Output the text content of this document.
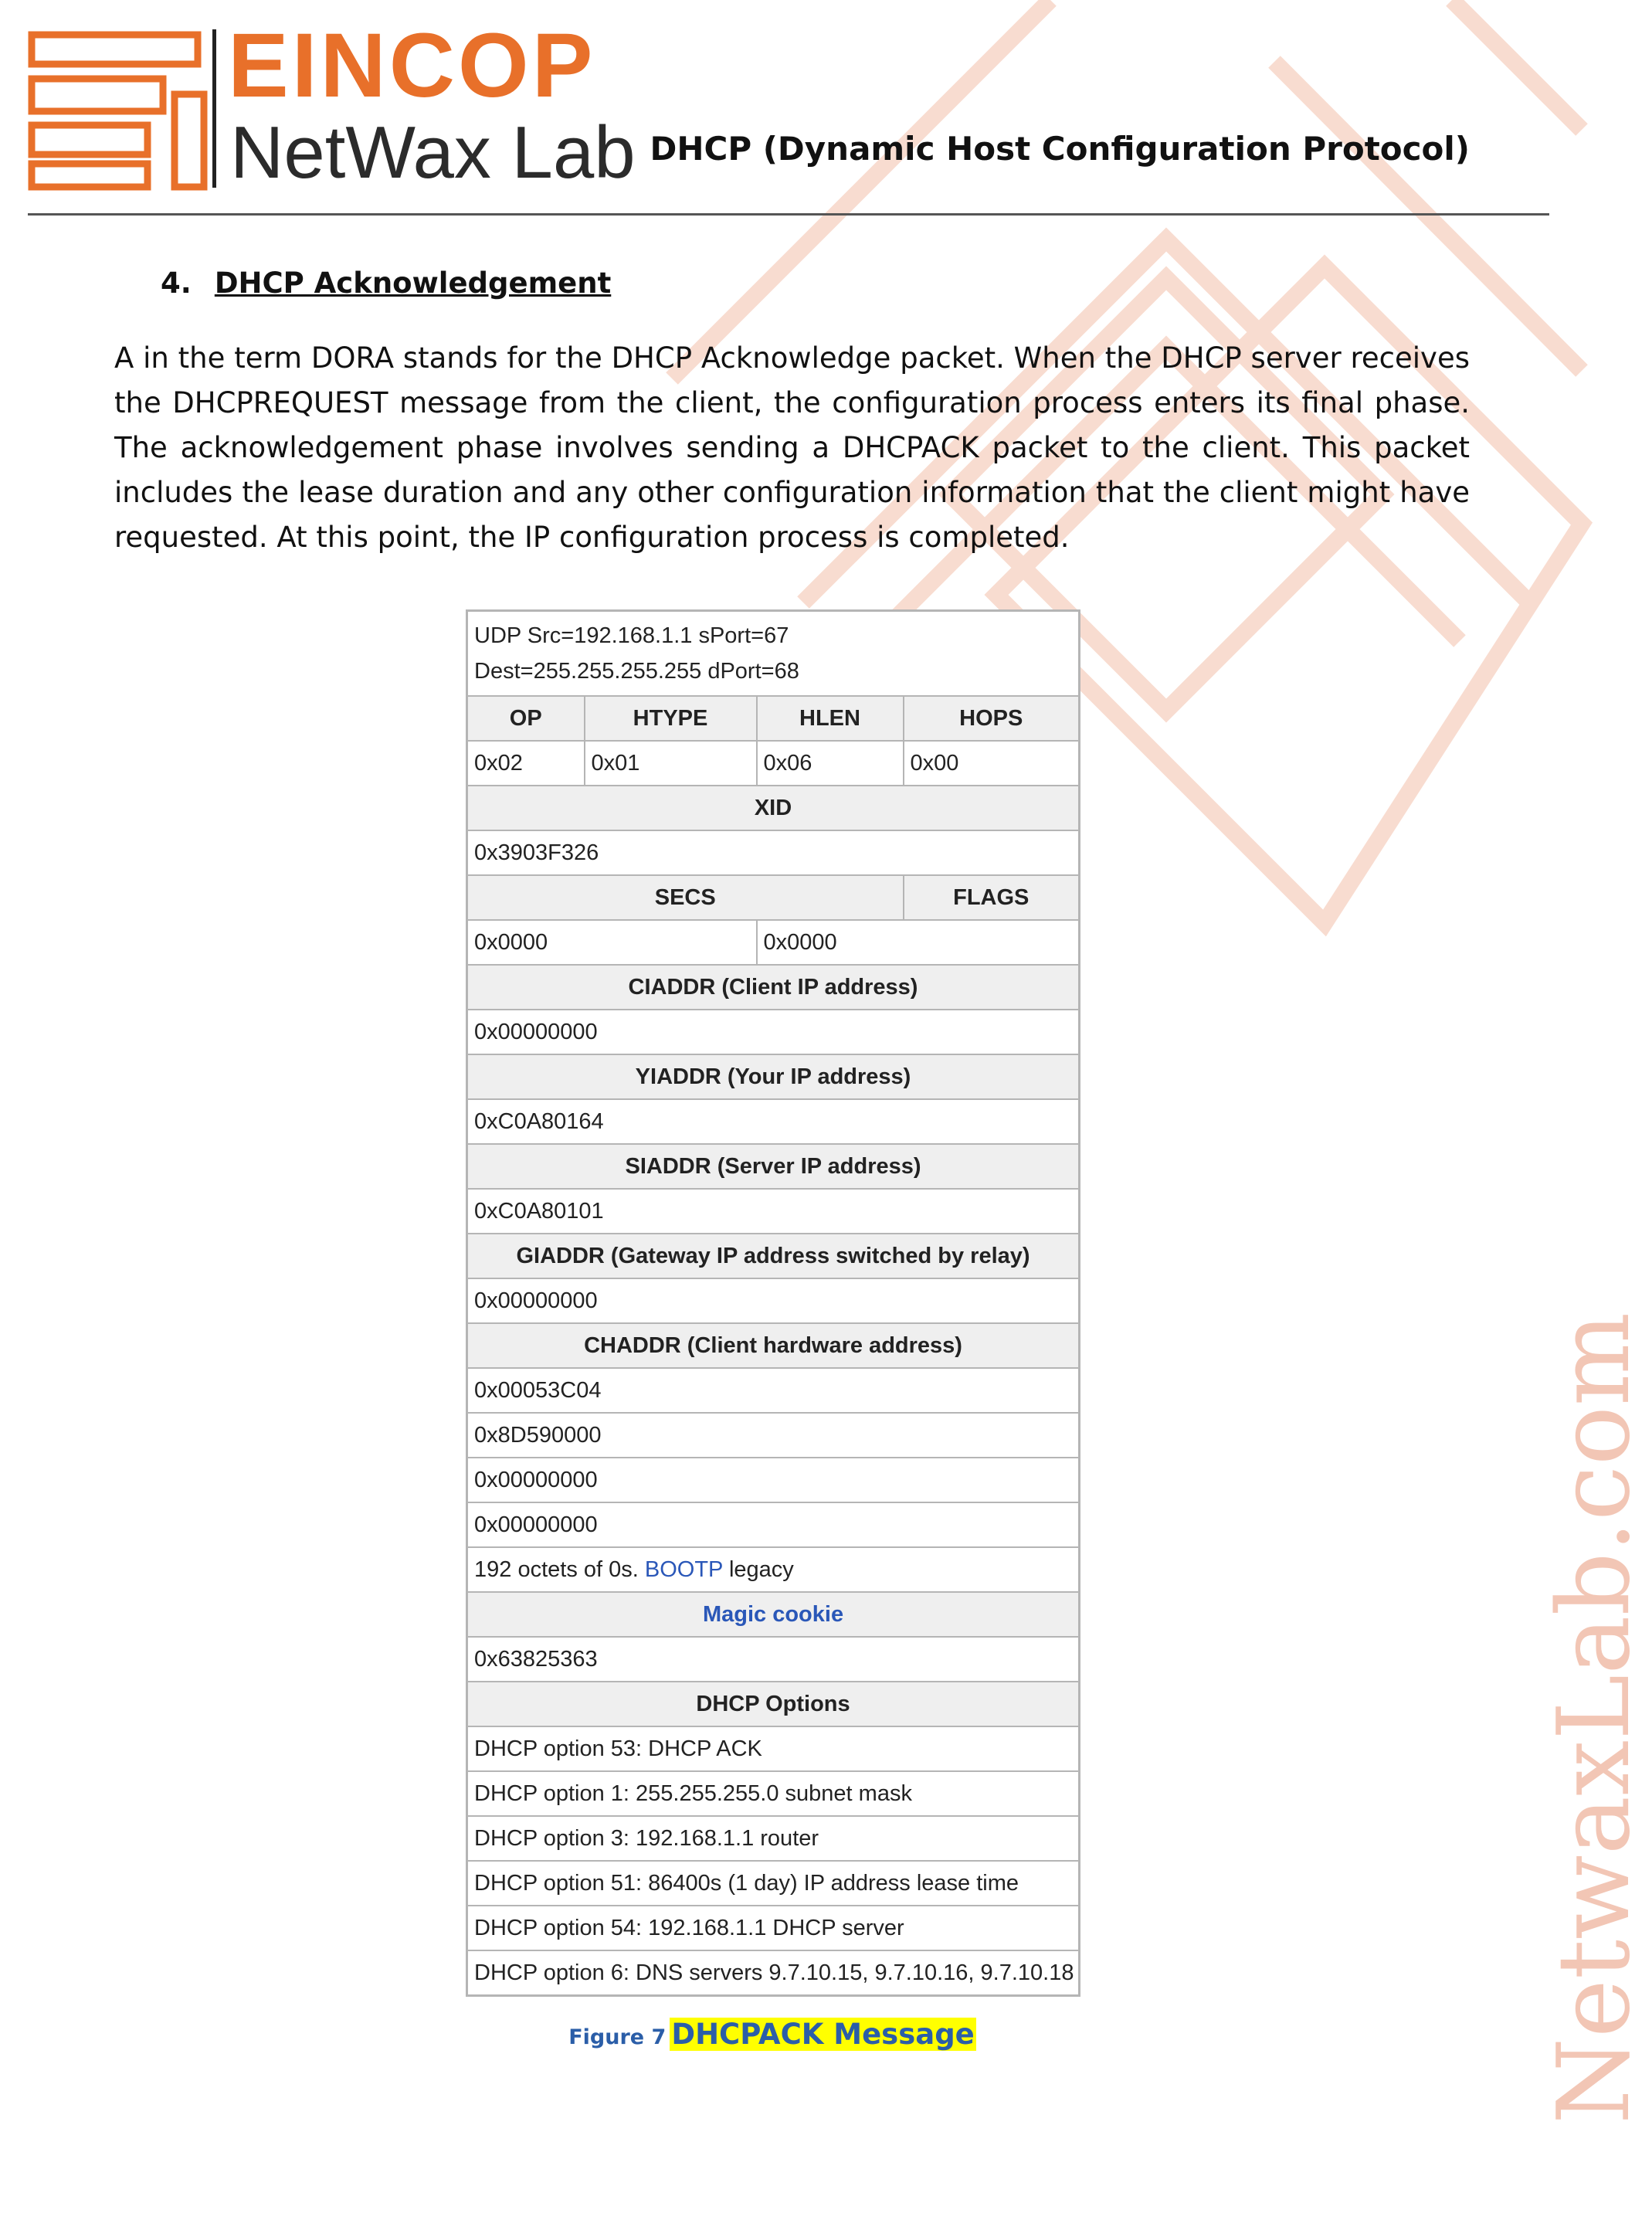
EINCOP
NetWax Lab DHCP (Dynamic Host Configuration Protocol)
4. DHCP Acknowledgement
A in the term DORA stands for the DHCP Acknowledge packet. When the DHCP server receives the DHCPREQUEST message from the client, the configuration process enters its final phase. The acknowledgement phase involves sending a DHCPACK packet to the client. This packet includes the lease duration and any other configuration information that the client might have requested. At this point, the IP configuration process is completed.
UDP Src=192.168.1.1 sPort=67
Dest=255.255.255.255 dPort=68			
OP	HTYPE	HLEN	HOPS
0x02	0x01	0x06	0x00
XID			
0x3903F326			
SECS			FLAGS
0x0000		0x0000	
CIADDR (Client IP address)			
0x00000000			
YIADDR (Your IP address)			
0xC0A80164			
SIADDR (Server IP address)			
0xC0A80101			
GIADDR (Gateway IP address switched by relay)			
0x00000000			
CHADDR (Client hardware address)			
0x00053C04			
0x8D590000			
0x00000000			
0x00000000			
192 octets of 0s. BOOTP legacy			
Magic cookie			
0x63825363			
DHCP Options			
DHCP option 53: DHCP ACK			
DHCP option 1: 255.255.255.0 subnet mask			
DHCP option 3: 192.168.1.1 router			
DHCP option 51: 86400s (1 day) IP address lease time			
DHCP option 54: 192.168.1.1 DHCP server			
DHCP option 6: DNS servers 9.7.10.15, 9.7.10.16, 9.7.10.18			
Figure 7 DHCPACK Message	NetwaxLab.com
